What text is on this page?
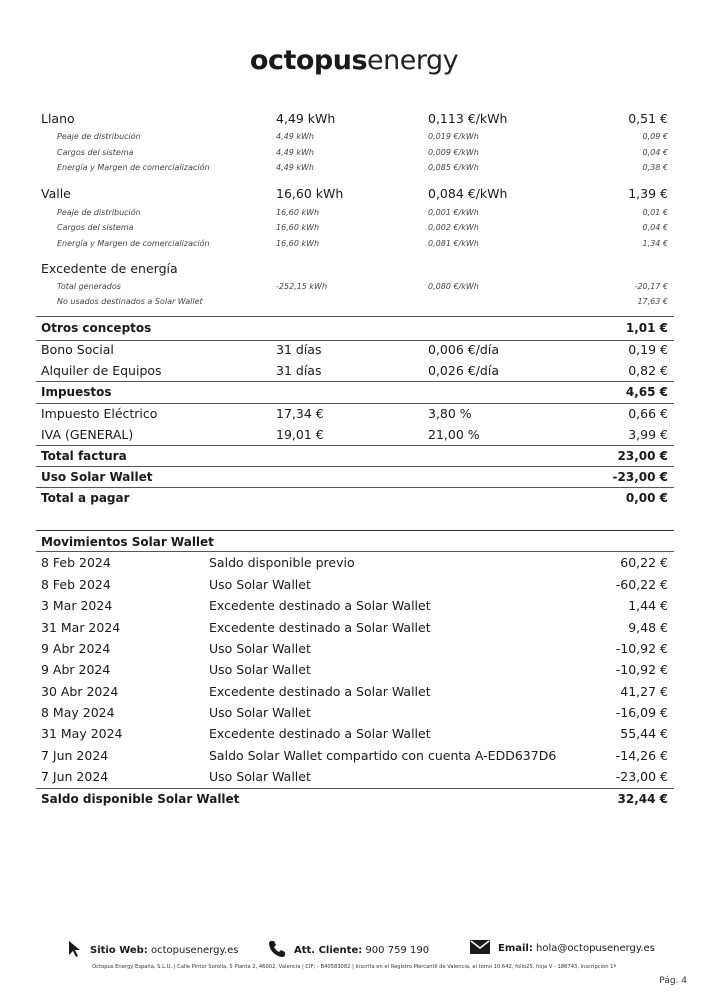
octopusenergy
Llano	4,49 kWh	0,113 €/kWh	0,51 €
Peaje de distribución	4,49 kWh	0,019 €/kWh	0,09 €
Cargos del sistema	4,49 kWh	0,009 €/kWh	0,04 €
Energía y Margen de comercialización	4,49 kWh	0,085 €/kWh	0,38 €
Valle	16,60 kWh	0,084 €/kWh	1,39 €
Peaje de distribución	16,60 kWh	0,001 €/kWh	0,01 €
Cargos del sistema	16,60 kWh	0,002 €/kWh	0,04 €
Energía y Margen de comercialización	16,60 kWh	0,081 €/kWh	1,34 €
Excedente de energía
Total generados	-252,15 kWh	0,080 €/kWh	-20,17 €
No usados destinados a Solar Wallet	17,63 €
Otros conceptos	1,01 €
Bono Social	31 días	0,006 €/día	0,19 €
Alquiler de Equipos	31 días	0,026 €/día	0,82 €
Impuestos	4,65 €
Impuesto Eléctrico	17,34 €	3,80 %	0,66 €
IVA (GENERAL)	19,01 €	21,00 %	3,99 €
Total factura	23,00 €
Uso Solar Wallet	-23,00 €
Total a pagar	0,00 €
Movimientos Solar Wallet
8 Feb 2024	Saldo disponible previo	60,22 €
8 Feb 2024	Uso Solar Wallet	-60,22 €
3 Mar 2024	Excedente destinado a Solar Wallet	1,44 €
31 Mar 2024	Excedente destinado a Solar Wallet	9,48 €
9 Abr 2024	Uso Solar Wallet	-10,92 €
9 Abr 2024	Uso Solar Wallet	-10,92 €
30 Abr 2024	Excedente destinado a Solar Wallet	41,27 €
8 May 2024	Uso Solar Wallet	-16,09 €
31 May 2024	Excedente destinado a Solar Wallet	55,44 €
7 Jun 2024	Saldo Solar Wallet compartido con cuenta A-EDD637D6	-14,26 €
7 Jun 2024	Uso Solar Wallet	-23,00 €
Saldo disponible Solar Wallet	32,44 €
Sitio Web: octopusenergy.es	Att. Cliente: 900 759 190	Email: hola@octopusenergy.es
Octopus Energy España, S.L.U. | Calle Pintor Sorolla, 5 Planta 2, 46002, Valencia | CIF; - B40583082 | Inscrita en el Registro Mercantil de Valencia, al tomo 10.642, folio25, hoja V - 186743, inscripción 1ª
Pág. 4
